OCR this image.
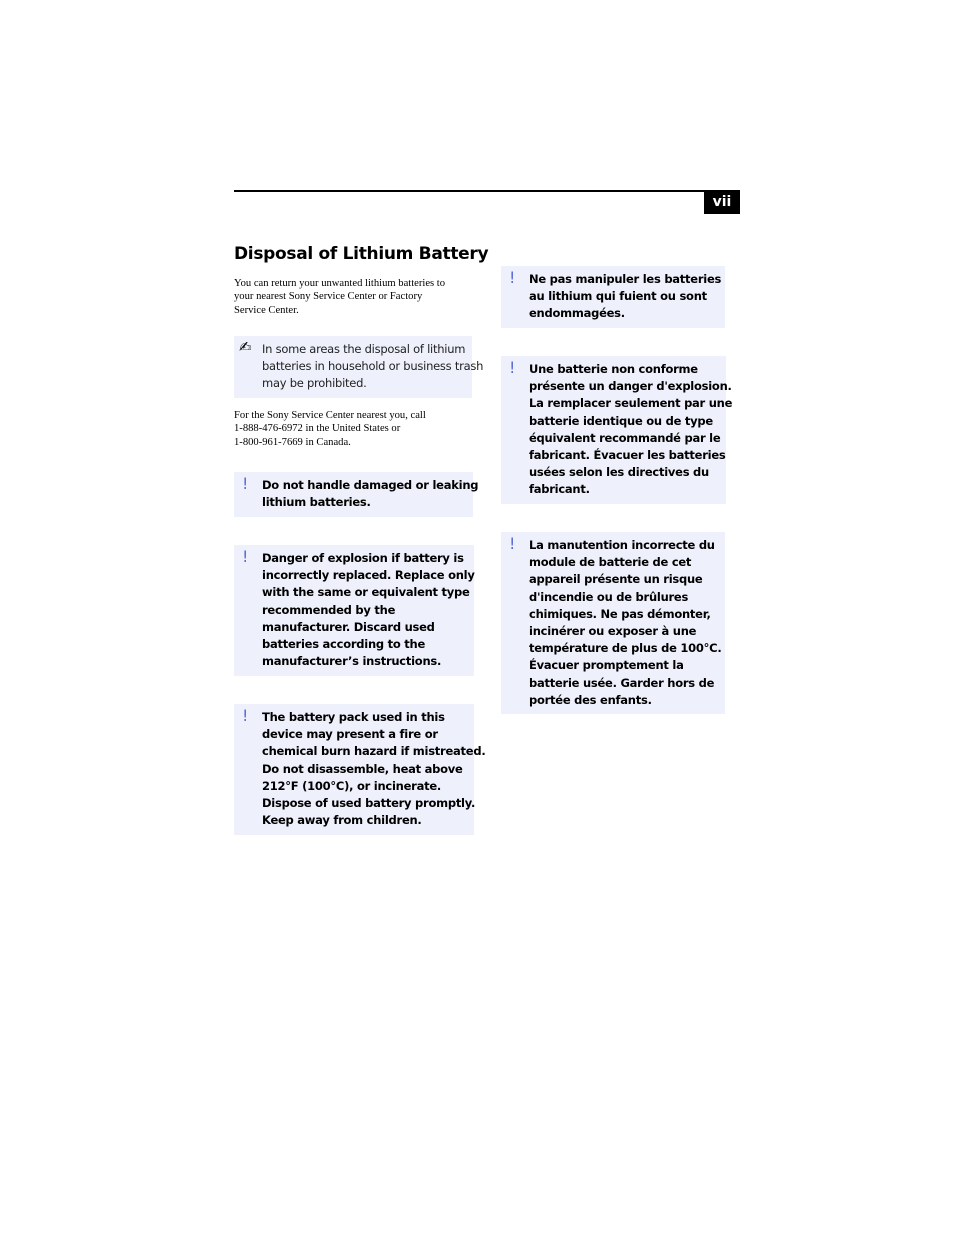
vii
Disposal of Lithium Battery

You can return your unwanted lithium batteries to
your nearest Sony Service Center or Factory
Service Center.

✍ In some areas the disposal of lithium
batteries in household or business trash
may be prohibited.

For the Sony Service Center nearest you, call
1-888-476-6972 in the United States or
1-800-961-7669 in Canada.

! Do not handle damaged or leaking
lithium batteries.
! Danger of explosion if battery is
incorrectly replaced. Replace only
with the same or equivalent type
recommended by the
manufacturer. Discard used
batteries according to the
manufacturer’s instructions.
! The battery pack used in this
device may present a fire or
chemical burn hazard if mistreated.
Do not disassemble, heat above
212°F (100°C), or incinerate.
Dispose of used battery promptly.
Keep away from children.
! Ne pas manipuler les batteries
au lithium qui fuient ou sont
endommagées.
! Une batterie non conforme
présente un danger d'explosion.
La remplacer seulement par une
batterie identique ou de type
équivalent recommandé par le
fabricant. Évacuer les batteries
usées selon les directives du
fabricant.
! La manutention incorrecte du
module de batterie de cet
appareil présente un risque
d'incendie ou de brûlures
chimiques. Ne pas démonter,
incinérer ou exposer à une
température de plus de 100°C.
Évacuer promptement la
batterie usée. Garder hors de
portée des enfants.
